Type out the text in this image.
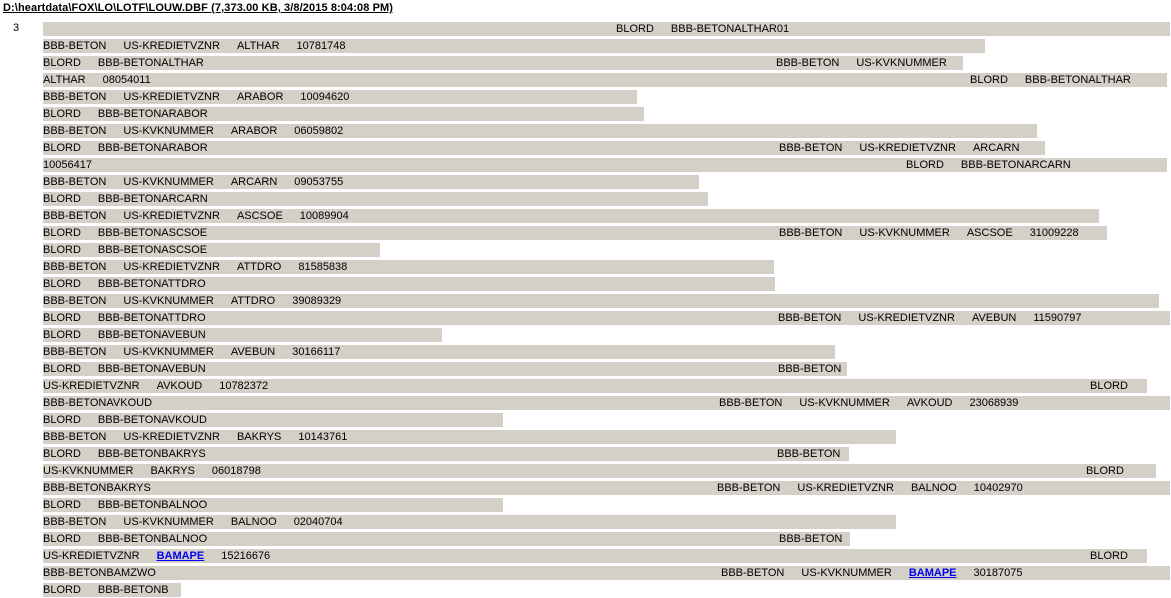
D:\heartdata\FOX\LO\LOTF\LOUW.DBF (7,373.00 KB, 3/8/2015 8:04:08 PM)
3	BLORD BBB-BETONALTHAR01
BBB-BETON US-KREDIETVZNR ALTHAR 10781748
BLORD BBB-BETONALTHAR	BBB-BETON US-KVKNUMMER
ALTHAR 08054011	BLORD BBB-BETONALTHAR
BBB-BETON US-KREDIETVZNR ARABOR 10094620
BLORD BBB-BETONARABOR
BBB-BETON US-KVKNUMMER ARABOR 06059802
BLORD BBB-BETONARABOR	BBB-BETON US-KREDIETVZNR ARCARN
10056417	BLORD BBB-BETONARCARN
BBB-BETON US-KVKNUMMER ARCARN 09053755
BLORD BBB-BETONARCARN
BBB-BETON US-KREDIETVZNR ASCSOE 10089904
BLORD BBB-BETONASCSOE	BBB-BETON US-KVKNUMMER ASCSOE 31009228
BLORD BBB-BETONASCSOE
BBB-BETON US-KREDIETVZNR ATTDRO 81585838
BLORD BBB-BETONATTDRO
BBB-BETON US-KVKNUMMER ATTDRO 39089329
BLORD BBB-BETONATTDRO	BBB-BETON US-KREDIETVZNR AVEBUN 11590797
BLORD BBB-BETONAVEBUN
BBB-BETON US-KVKNUMMER AVEBUN 30166117
BLORD BBB-BETONAVEBUN	BBB-BETON
US-KREDIETVZNR AVKOUD 10782372	BLORD
BBB-BETONAVKOUD	BBB-BETON US-KVKNUMMER AVKOUD 23068939
BLORD BBB-BETONAVKOUD
BBB-BETON US-KREDIETVZNR BAKRYS 10143761
BLORD BBB-BETONBAKRYS	BBB-BETON
US-KVKNUMMER BAKRYS 06018798	BLORD
BBB-BETONBAKRYS	BBB-BETON US-KREDIETVZNR BALNOO 10402970
BLORD BBB-BETONBALNOO
BBB-BETON US-KVKNUMMER BALNOO 02040704
BLORD BBB-BETONBALNOO	BBB-BETON
US-KREDIETVZNR BAMAPE 15216676	BLORD
BBB-BETONBAMZWO	BBB-BETON US-KVKNUMMER BAMAPE 30187075
BLORD BBB-BETONB
